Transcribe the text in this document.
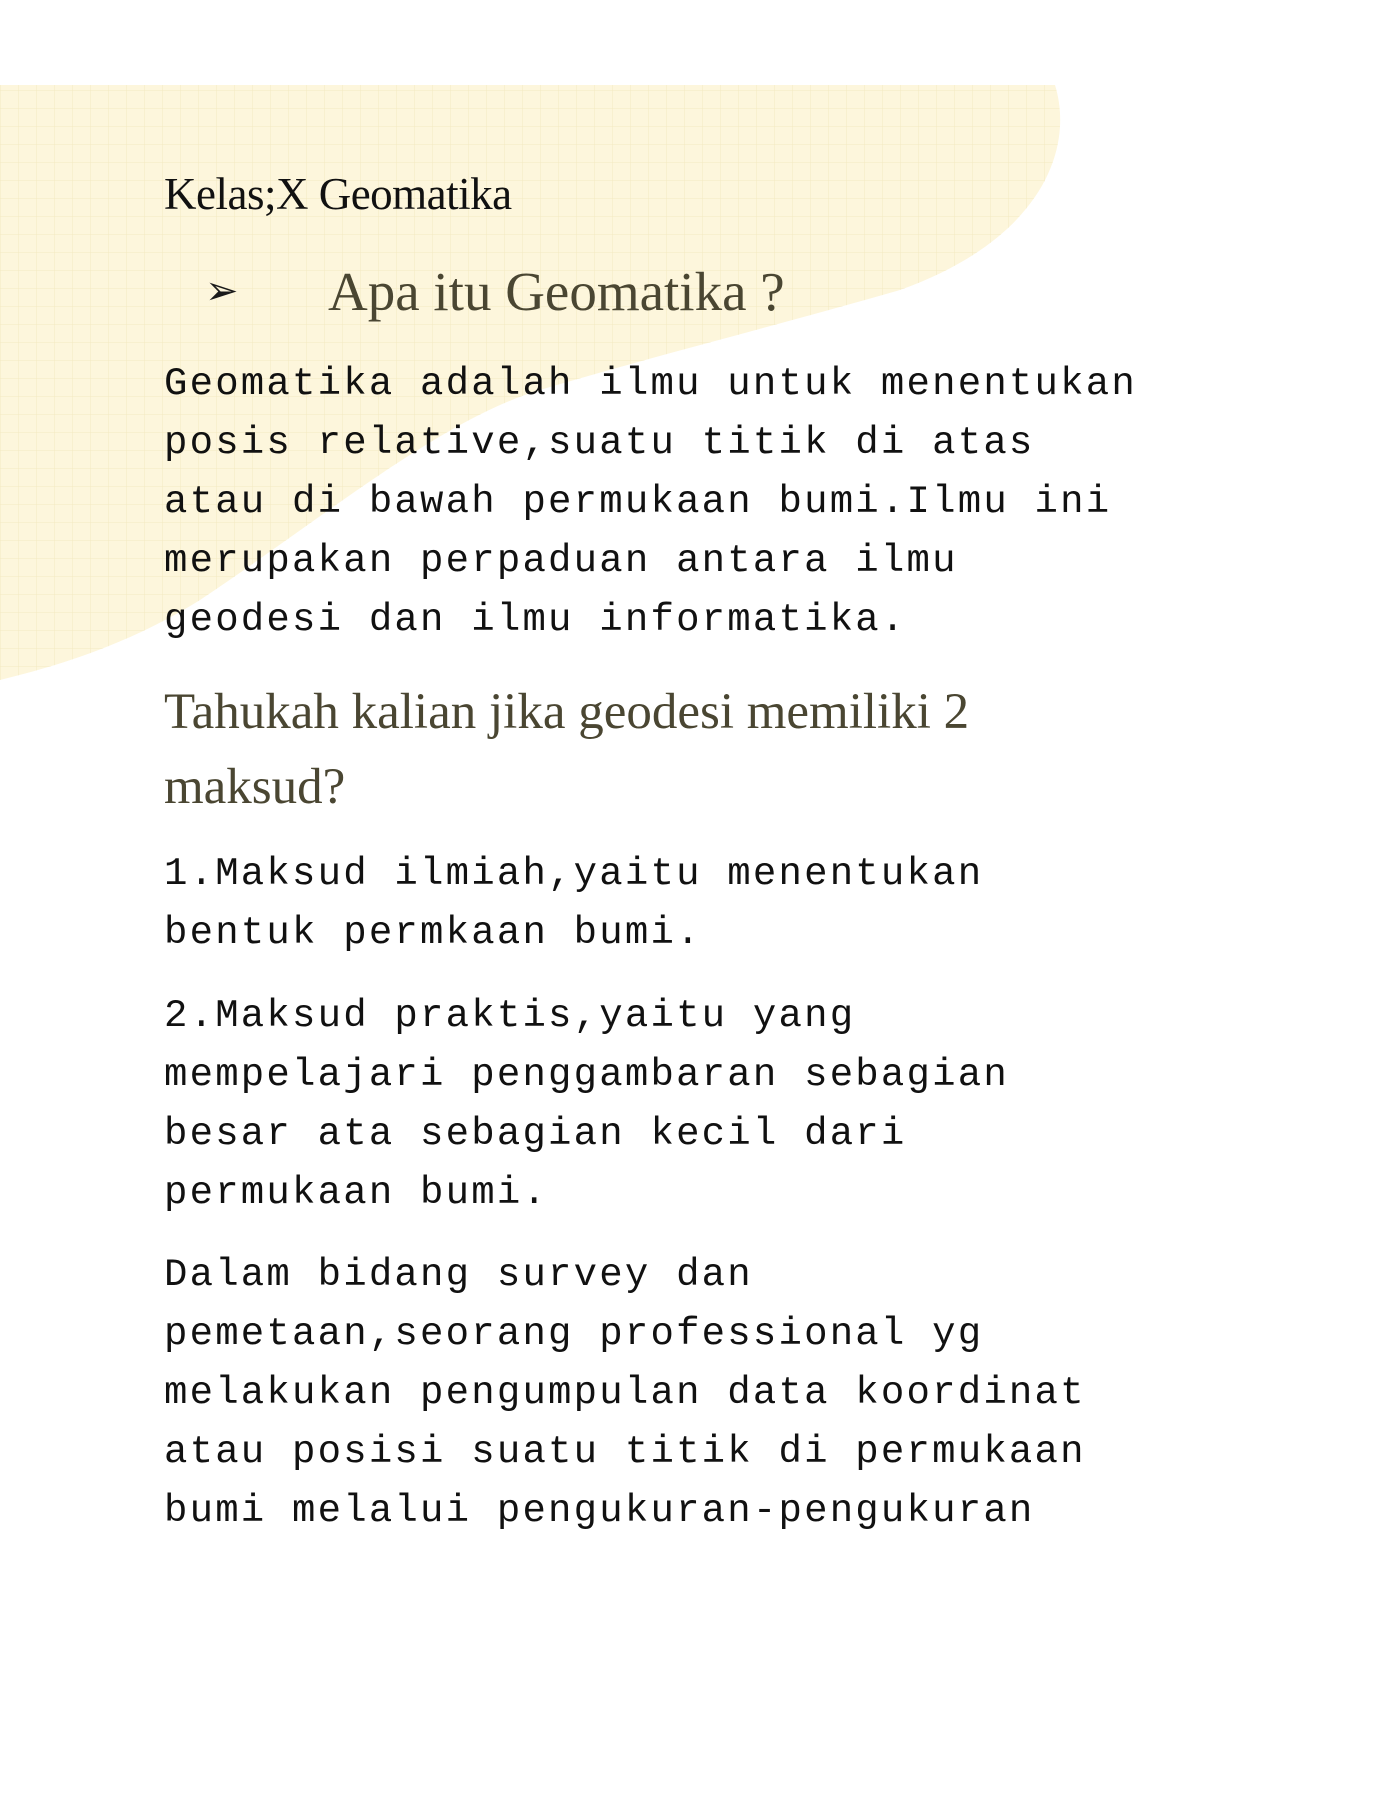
Kelas;X Geomatika
➢ Apa itu Geomatika ?

Geomatika adalah ilmu untuk menentukan
posis relative,suatu titik di atas
atau di bawah permukaan bumi.Ilmu ini
merupakan perpaduan antara ilmu
geodesi dan ilmu informatika.

Tahukah kalian jika geodesi memiliki 2
maksud?

1.Maksud ilmiah,yaitu menentukan
bentuk permkaan bumi.

2.Maksud praktis,yaitu yang
mempelajari penggambaran sebagian
besar ata sebagian kecil dari
permukaan bumi.

Dalam bidang survey dan
pemetaan,seorang professional yg
melakukan pengumpulan data koordinat
atau posisi suatu titik di permukaan
bumi melalui pengukuran-pengukuran
